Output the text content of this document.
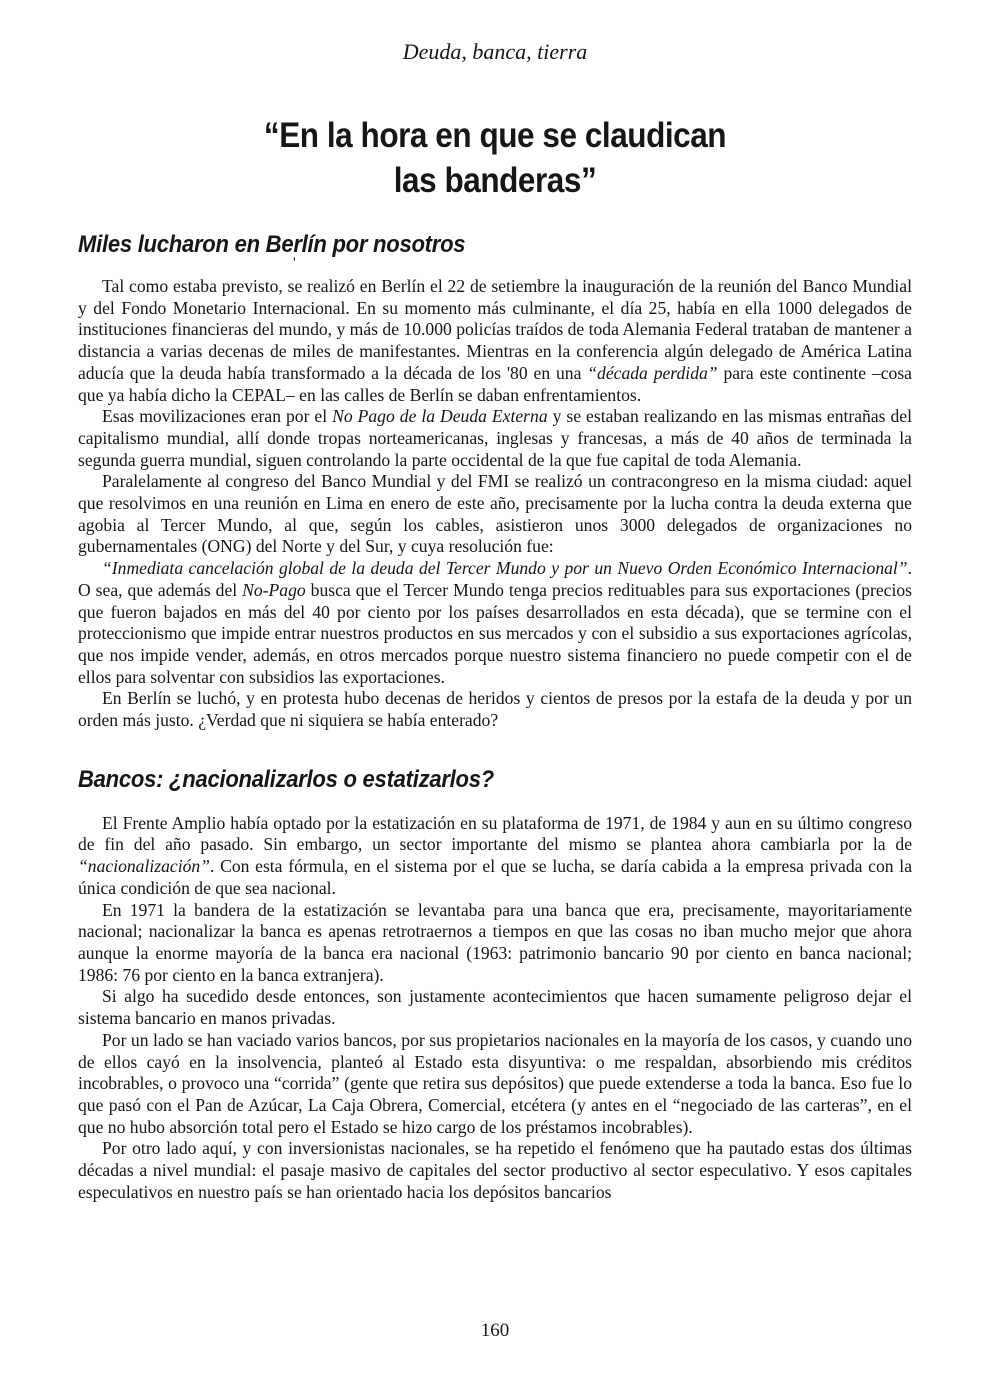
'

Deuda, banca, tierra

“En la hora en que se claudican
las banderas”
Miles lucharon en Berlín por nosotros

Tal como estaba previsto, se realizó en Berlín el 22 de setiembre la inauguración de la reunión del Banco Mundial y del Fondo Monetario Internacional. En su momento más culminante, el día 25, había en ella 1000 delegados de instituciones financieras del mundo, y más de 10.000 policías traídos de toda Alemania Federal trataban de mantener a distancia a varias decenas de miles de manifestantes. Mientras en la conferencia algún delegado de América Latina aducía que la deuda había transformado a la década de los '80 en una “década perdida” para este continente –cosa que ya había dicho la CEPAL– en las calles de Berlín se daban enfrentamientos.

Esas movilizaciones eran por el No Pago de la Deuda Externa y se estaban realizando en las mismas entrañas del capitalismo mundial, allí donde tropas norteamericanas, inglesas y francesas, a más de 40 años de terminada la segunda guerra mundial, siguen controlando la parte occidental de la que fue capital de toda Alemania.

Paralelamente al congreso del Banco Mundial y del FMI se realizó un contracongreso en la misma ciudad: aquel que resolvimos en una reunión en Lima en enero de este año, precisamente por la lucha contra la deuda externa que agobia al Tercer Mundo, al que, según los cables, asistieron unos 3000 delegados de organizaciones no gubernamentales (ONG) del Norte y del Sur, y cuya resolución fue:

“Inmediata cancelación global de la deuda del Tercer Mundo y por un Nuevo Orden Económico Internacional”. O sea, que además del No-Pago busca que el Tercer Mundo tenga precios redituables para sus exportaciones (precios que fueron bajados en más del 40 por ciento por los países desarrollados en esta década), que se termine con el proteccionismo que impide entrar nuestros productos en sus mercados y con el subsidio a sus exportaciones agrícolas, que nos impide vender, además, en otros mercados porque nuestro sistema financiero no puede competir con el de ellos para solventar con subsidios las exportaciones.

En Berlín se luchó, y en protesta hubo decenas de heridos y cientos de presos por la estafa de la deuda y por un orden más justo. ¿Verdad que ni siquiera se había enterado?

Bancos: ¿nacionalizarlos o estatizarlos?

El Frente Amplio había optado por la estatización en su plataforma de 1971, de 1984 y aun en su último congreso de fin del año pasado. Sin embargo, un sector importante del mismo se plantea ahora cambiarla por la de “nacionalización”. Con esta fórmula, en el sistema por el que se lucha, se daría cabida a la empresa privada con la única condición de que sea nacional.

En 1971 la bandera de la estatización se levantaba para una banca que era, precisamente, mayoritariamente nacional; nacionalizar la banca es apenas retrotraernos a tiempos en que las cosas no iban mucho mejor que ahora aunque la enorme mayoría de la banca era nacional (1963: patrimonio bancario 90 por ciento en banca nacional; 1986: 76 por ciento en la banca extranjera).

Si algo ha sucedido desde entonces, son justamente acontecimientos que hacen sumamente peligroso dejar el sistema bancario en manos privadas.

Por un lado se han vaciado varios bancos, por sus propietarios nacionales en la mayoría de los casos, y cuando uno de ellos cayó en la insolvencia, planteó al Estado esta disyuntiva: o me respaldan, absorbiendo mis créditos incobrables, o provoco una “corrida” (gente que retira sus depósitos) que puede extenderse a toda la banca. Eso fue lo que pasó con el Pan de Azúcar, La Caja Obrera, Comercial, etcétera (y antes en el “negociado de las carteras”, en el que no hubo absorción total pero el Estado se hizo cargo de los préstamos incobrables).

Por otro lado aquí, y con inversionistas nacionales, se ha repetido el fenómeno que ha pautado estas dos últimas décadas a nivel mundial: el pasaje masivo de capitales del sector productivo al sector especulativo. Y esos capitales especulativos en nuestro país se han orientado hacia los depósitos bancarios

160
